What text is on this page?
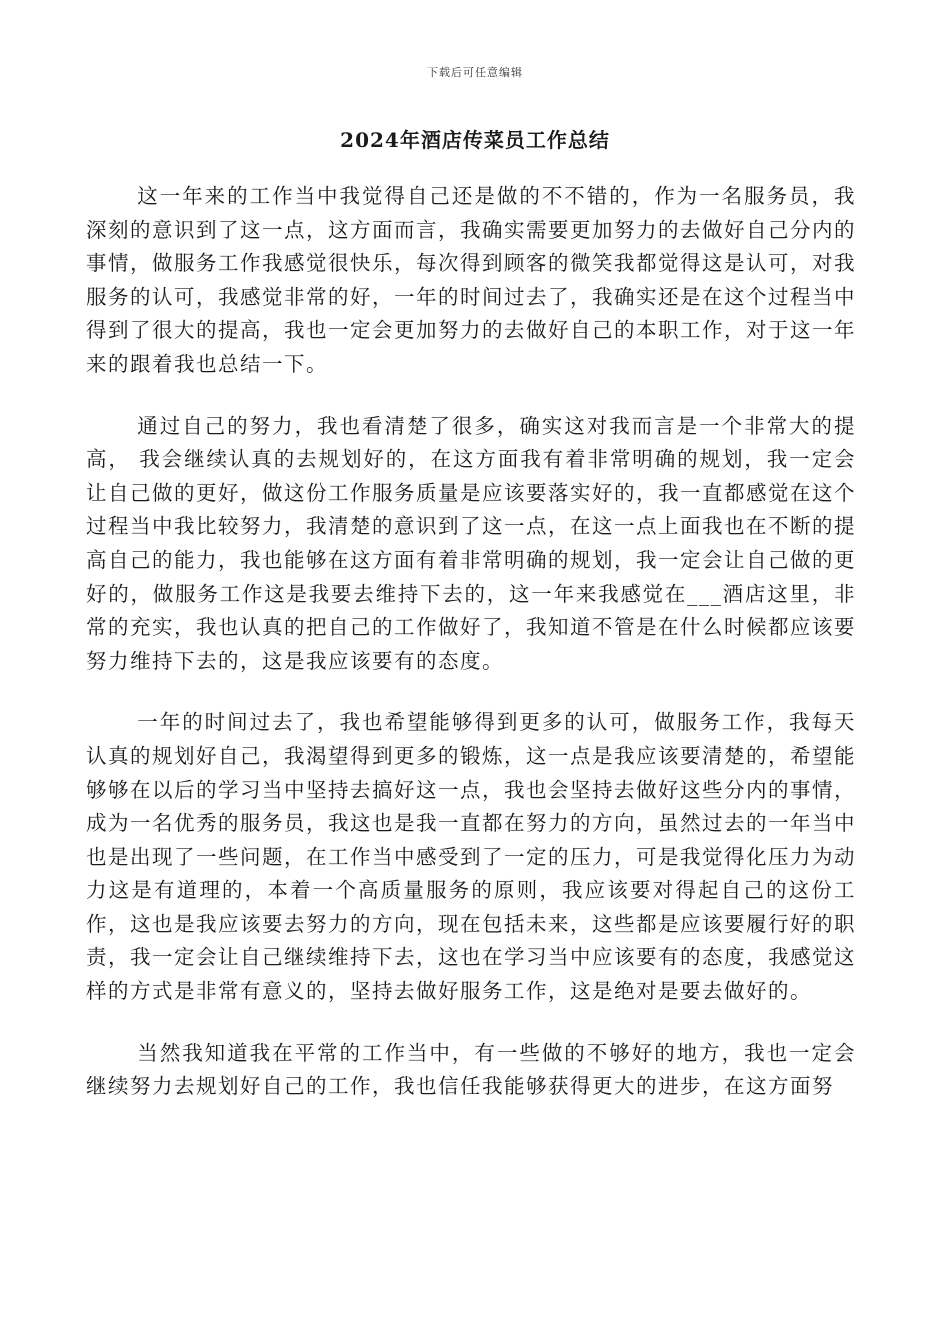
下载后可任意编辑
2024年酒店传菜员工作总结

这一年来的工作当中我觉得自己还是做的不不错的，作为一名服务员，我深刻的意识到了这一点，这方面而言，我确实需要更加努力的去做好自己分内的事情，做服务工作我感觉很快乐，每次得到顾客的微笑我都觉得这是认可，对我服务的认可，我感觉非常的好，一年的时间过去了，我确实还是在这个过程当中得到了很大的提高，我也一定会更加努力的去做好自己的本职工作，对于这一年来的跟着我也总结一下。

通过自己的努力，我也看清楚了很多，确实这对我而言是一个非常大的提高， 我会继续认真的去规划好的，在这方面我有着非常明确的规划，我一定会让自己做的更好，做这份工作服务质量是应该要落实好的，我一直都感觉在这个过程当中我比较努力，我清楚的意识到了这一点，在这一点上面我也在不断的提高自己的能力，我也能够在这方面有着非常明确的规划，我一定会让自己做的更好的，做服务工作这是我要去维持下去的，这一年来我感觉在___酒店这里，非常的充实，我也认真的把自己的工作做好了，我知道不管是在什么时候都应该要努力维持下去的，这是我应该要有的态度。

一年的时间过去了，我也希望能够得到更多的认可，做服务工作，我每天认真的规划好自己，我渴望得到更多的锻炼，这一点是我应该要清楚的，希望能够够在以后的学习当中坚持去搞好这一点，我也会坚持去做好这些分内的事情，成为一名优秀的服务员，我这也是我一直都在努力的方向，虽然过去的一年当中也是出现了一些问题，在工作当中感受到了一定的压力，可是我觉得化压力为动力这是有道理的，本着一个高质量服务的原则，我应该要对得起自己的这份工作，这也是我应该要去努力的方向，现在包括未来，这些都是应该要履行好的职责，我一定会让自己继续维持下去，这也在学习当中应该要有的态度，我感觉这样的方式是非常有意义的，坚持去做好服务工作，这是绝对是要去做好的。

当然我知道我在平常的工作当中，有一些做的不够好的地方，我也一定会继续努力去规划好自己的工作，我也信任我能够获得更大的进步，在这方面努
